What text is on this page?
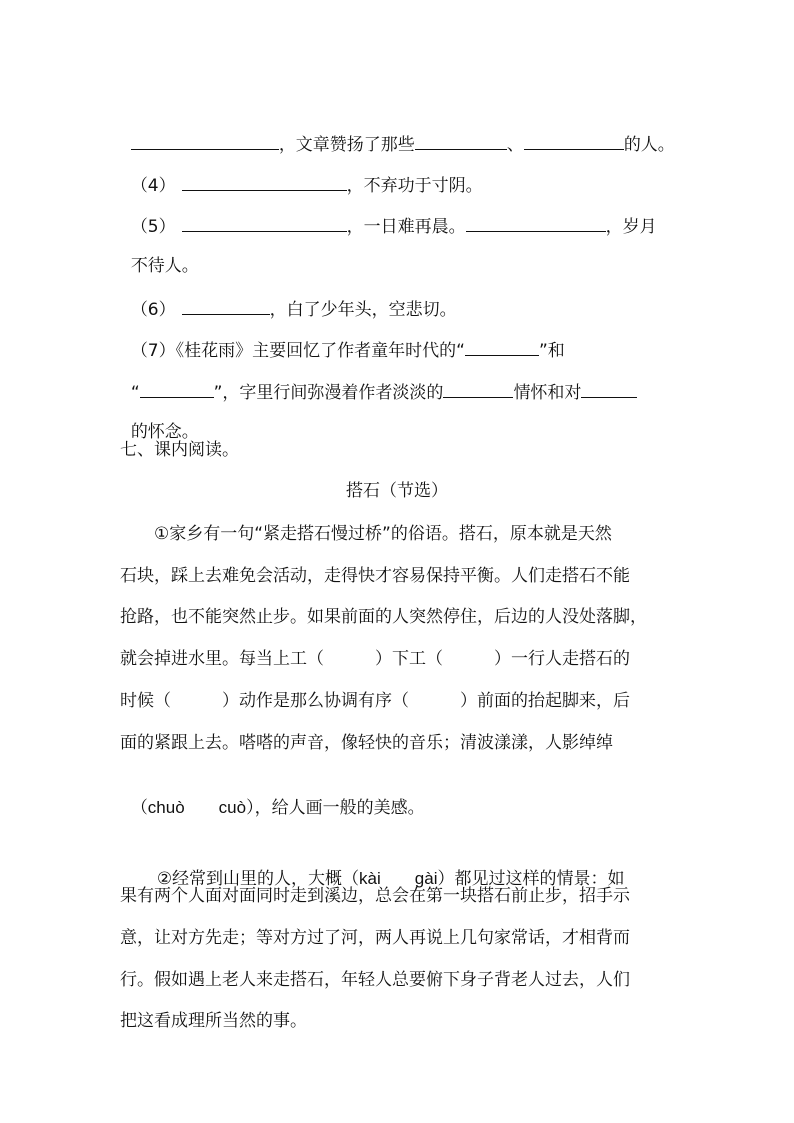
，文章赞扬了那些	、	的人。

（4）	，不弃功于寸阴。

（5）	，一日难再晨。	，岁月

不待人。

（6）	，白了少年头，空悲切。

（7）《桂花雨》主要回忆了作者童年时代的“	”和

“	”，字里行间弥漫着作者淡淡的	情怀和对

的怀念。

七、课内阅读。
搭石（节选）
①家乡有一句“紧走搭石慢过桥”的俗语。搭石，原本就是天然
石块，踩上去难免会活动，走得快才容易保持平衡。人们走搭石不能
抢路，也不能突然止步。如果前面的人突然停住，后边的人没处落脚，
就会掉进水里。每当上工（　　　）下工（　　　）一行人走搭石的
时候（　　　）动作是那么协调有序（　　　）前面的抬起脚来，后
面的紧跟上去。嗒嗒的声音，像轻快的音乐；清波漾漾，人影绰绰

（chuò　　cuò），给人画一般的美感。

②经常到山里的人，大概（kài　　gài）都见过这样的情景：如

果有两个人面对面同时走到溪边，总会在第一块搭石前止步，招手示
意，让对方先走；等对方过了河，两人再说上几句家常话，才相背而
行。假如遇上老人来走搭石，年轻人总要俯下身子背老人过去，人们
把这看成理所当然的事。
